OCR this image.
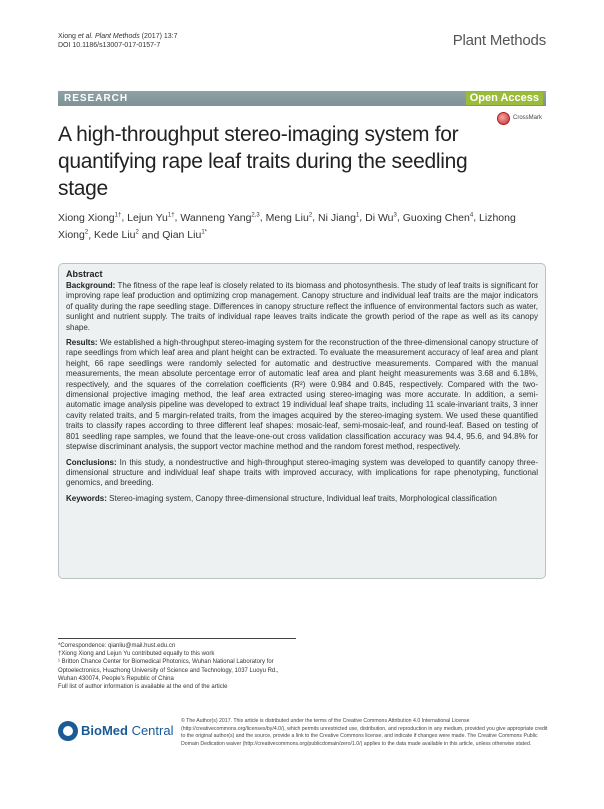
Xiong et al. Plant Methods (2017) 13:7
DOI 10.1186/s13007-017-0157-7	Plant Methods
RESEARCH	Open Access
CrossMark
A high-throughput stereo-imaging system for quantifying rape leaf traits during the seedling stage
Xiong Xiong$^{1\dagger}$, Lejun $Yu^{1\dagger}$, Wanneng Yang$^{2,3}$, Meng Liu$^2$, Ni Jiang$^1$, Di Wu$^3$, Guoxing Chen$^4$, Lizhong Xiong$^2$, Kede Liu$^2$ and Qian Liu$^{1*}$
Abstract

Background: The fitness of the rape leaf is closely related to its biomass and photosynthesis. The study of leaf traits is significant for improving rape leaf production and optimizing crop management. Canopy structure and individual leaf traits are the major indicators of quality during the rape seedling stage. Differences in canopy structure reflect the influence of environmental factors such as water, sunlight and nutrient supply. The traits of individual rape leaves traits indicate the growth period of the rape as well as its canopy shape.

Results: We established a high-throughput stereo-imaging system for the reconstruction of the three-dimensional canopy structure of rape seedlings from which leaf area and plant height can be extracted. To evaluate the measurement accuracy of leaf area and plant height, 66 rape seedlings were randomly selected for automatic and destructive measurements. Compared with the manual measurements, the mean absolute percentage error of automatic leaf area and plant height measurements was 3.68 and 6.18%, respectively, and the squares of the correlation coefficients (R²) were 0.984 and 0.845, respectively. Compared with the two-dimensional projective imaging method, the leaf area extracted using stereo-imaging was more accurate. In addition, a semi-automatic image analysis pipeline was developed to extract 19 individual leaf shape traits, including 11 scale-invariant traits, 3 inner cavity related traits, and 5 margin-related traits, from the images acquired by the stereo-imaging system. We used these quantified traits to classify rapes according to three different leaf shapes: mosaic-leaf, semi-mosaic-leaf, and round-leaf. Based on testing of 801 seedling rape samples, we found that the leave-one-out cross validation classification accuracy was 94.4, 95.6, and 94.8% for stepwise discriminant analysis, the support vector machine method and the random forest method, respectively.

Conclusions: In this study, a nondestructive and high-throughput stereo-imaging system was developed to quantify canopy three-dimensional structure and individual leaf shape traits with improved accuracy, with implications for rape phenotyping, functional genomics, and breeding.

Keywords: Stereo-imaging system, Canopy three-dimensional structure, Individual leaf traits, Morphological classification

*Correspondence: qianliu@mail.hust.edu.cn

†Xiong Xiong and Lejun Yu contributed equally to this work

¹ Britton Chance Center for Biomedical Photonics, Wuhan National Laboratory for Optoelectronics, Huazhong University of Science and Technology, 1037 Luoyu Rd., Wuhan 430074, People's Republic of China

Full list of author information is available at the end of the article

BioMed Central
© The Author(s) 2017. This article is distributed under the terms of the Creative Commons Attribution 4.0 International License (http://creativecommons.org/licenses/by/4.0/), which permits unrestricted use, distribution, and reproduction in any medium, provided you give appropriate credit to the original author(s) and the source, provide a link to the Creative Commons license, and indicate if changes were made. The Creative Commons Public Domain Dedication waiver (http://creativecommons.org/publicdomain/zero/1.0/) applies to the data made available in this article, unless otherwise stated.
